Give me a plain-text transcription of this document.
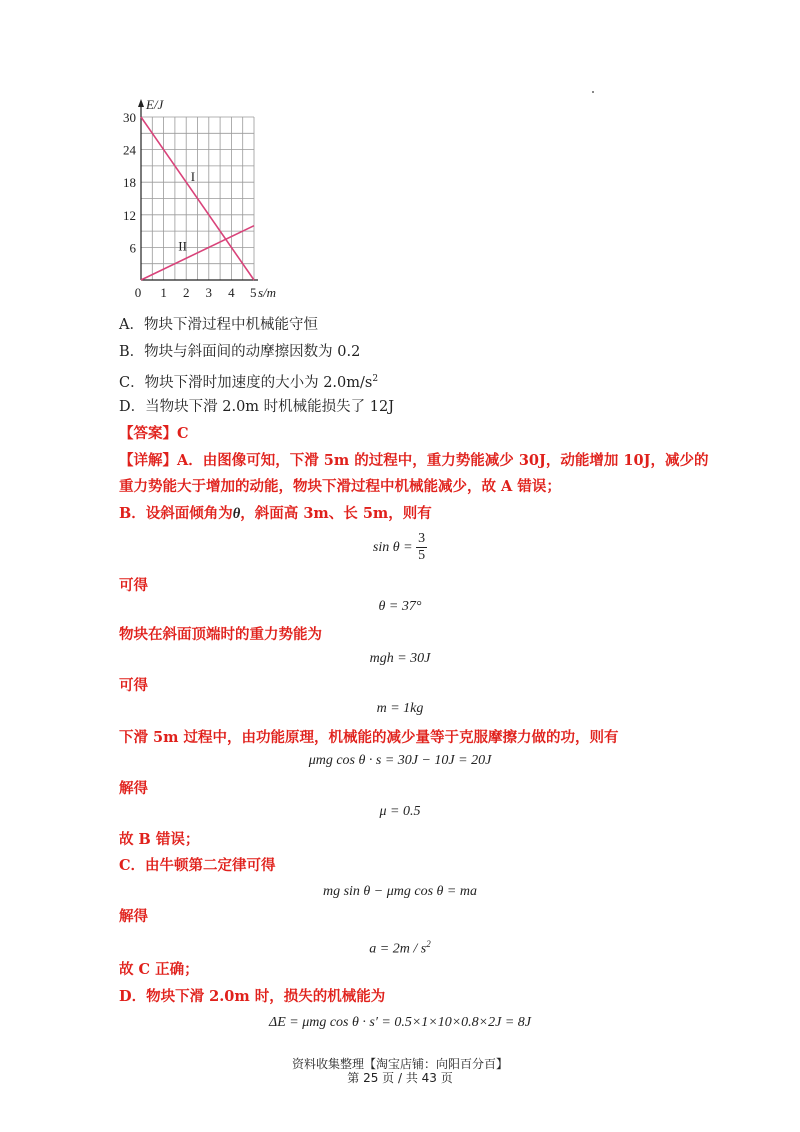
E/J
6
12
18
24
30
0 1 2 3 4 5 s/m
I
II
A．物块下滑过程中机械能守恒
B．物块与斜面间的动摩擦因数为 0.2
C．物块下滑时加速度的大小为 $2.0m/s^2$
D．当物块下滑 2.0m 时机械能损失了 12J
【答案】C
【详解】A．由图像可知，下滑 5m 的过程中，重力势能减少 30J，动能增加 10J，减少的
重力势能大于增加的动能，物块下滑过程中机械能减少，故 A 错误；
B．设斜面倾角为θ，斜面高 3m、长 5m，则有
$\sin \theta = \frac{3}{5}$
可得
θ = 37°
物块在斜面顶端时的重力势能为
mgh = 30J
可得
m = 1kg
下滑 5m 过程中，由功能原理，机械能的减少量等于克服摩擦力做的功，则有
μmg cos θ · s = 30J − 10J = 20J
解得
μ = 0.5
故 B 错误；
C．由牛顿第二定律可得
mg sin θ − μmg cos θ = ma
解得
$a = 2m / s^2$
故 C 正确；
D．物块下滑 2.0m 时，损失的机械能为
ΔE = μmg cos θ · s′ = 0.5×1×10×0.8×2J = 8J
资料收集整理【淘宝店铺：向阳百分百】
第 25 页 / 共 43 页
